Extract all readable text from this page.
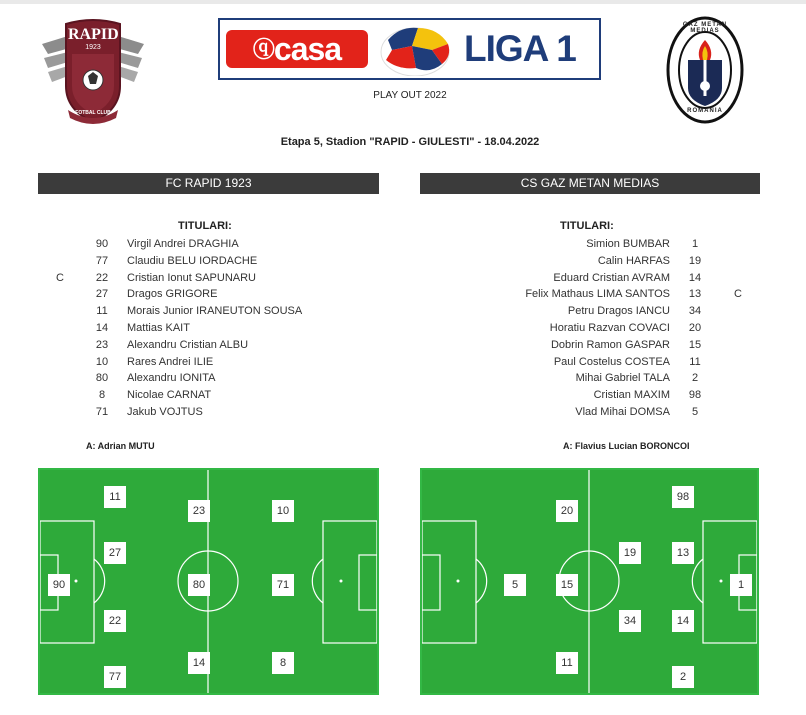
RAPID
1923
FOTBAL CLUB
ⓠcasa	LIGA 1
PLAY OUT 2022
GAZ METAN MEDIAS
ROMANIA
Etapa 5, Stadion "RAPID - GIULESTI" - 18.04.2022
FC RAPID 1923	CS GAZ METAN MEDIAS
TITULARI:	TITULARI:
90	Virgil Andrei DRAGHIA
77	Claudiu BELU IORDACHE
C	22	Cristian Ionut SAPUNARU
27	Dragos GRIGORE
11	Morais Junior IRANEUTON SOUSA
14	Mattias KAIT
23	Alexandru Cristian ALBU
10	Rares Andrei ILIE
80	Alexandru IONITA
8	Nicolae CARNAT
71	Jakub VOJTUS
Simion BUMBAR	1
Calin HARFAS	19
Eduard Cristian AVRAM	14
Felix Mathaus LIMA SANTOS	13	C
Petru Dragos IANCU	34
Horatiu Razvan COVACI	20
Dobrin Ramon GASPAR	15
Paul Costelus COSTEA	11
Mihai Gabriel TALA	2
Cristian MAXIM	98
Vlad Mihai DOMSA	5
A: Adrian MUTU	A: Flavius Lucian BORONCOI
11
23	10
27
90	80	71
22
14	8
77
20
98
19	13
5	15	1
34	14
11
2
